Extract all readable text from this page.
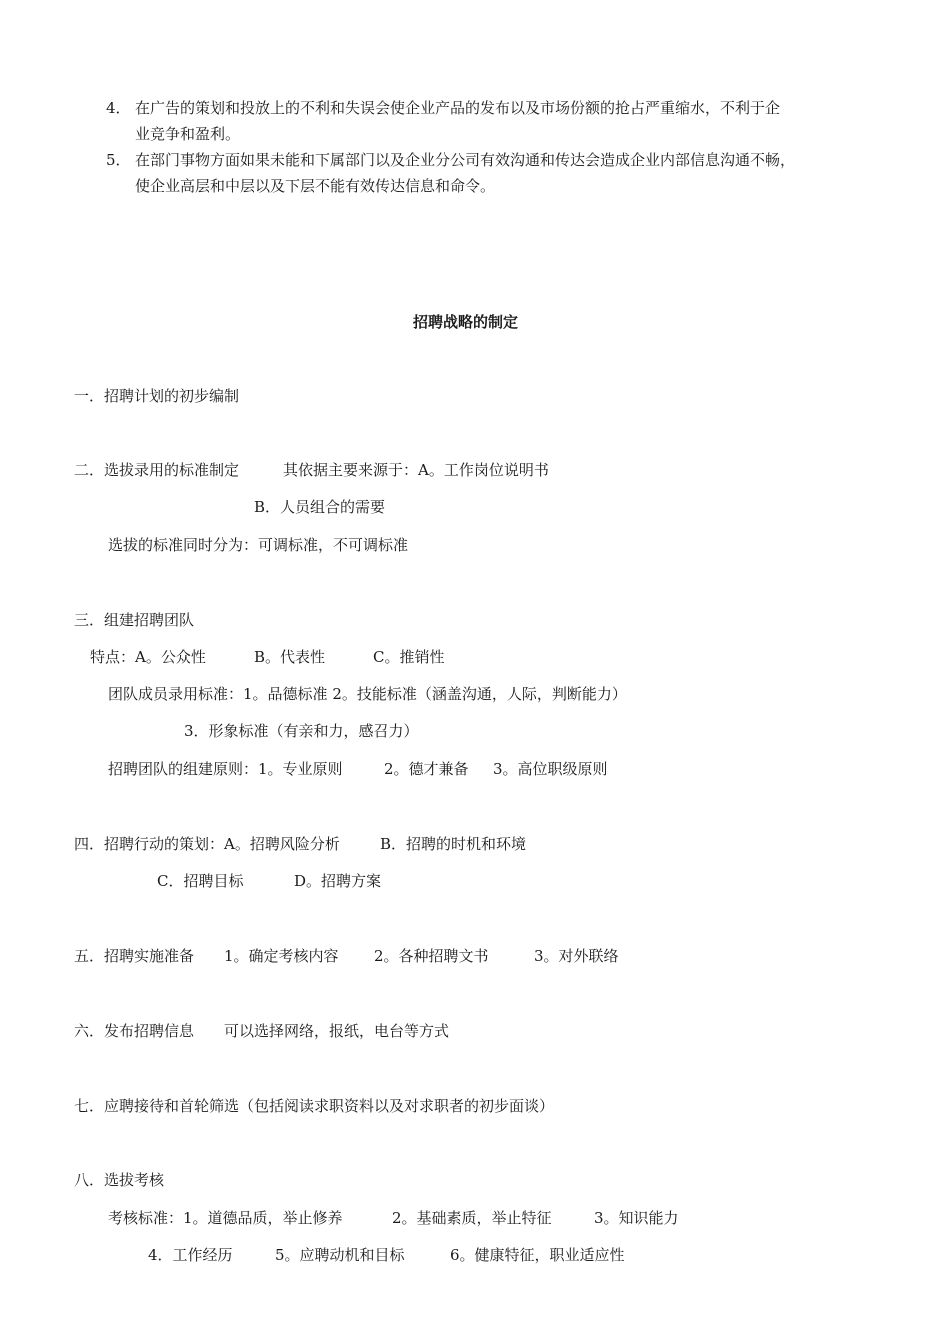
4． 在广告的策划和投放上的不利和失误会使企业产品的发布以及市场份额的抢占严重缩水，不利于企
业竞争和盈利。
5． 在部门事物方面如果未能和下属部门以及企业分公司有效沟通和传达会造成企业内部信息沟通不畅，
使企业高层和中层以及下层不能有效传达信息和命令。
招聘战略的制定
一．招聘计划的初步编制
二．选拔录用的标准制定	其依据主要来源于：A。工作岗位说明书
B．人员组合的需要
选拔的标准同时分为：可调标准，不可调标准
三．组建招聘团队
特点：A。公众性	B。代表性	C。推销性
团队成员录用标准：1。品德标准 2。技能标准（涵盖沟通，人际，判断能力）
3．形象标准（有亲和力，感召力）
招聘团队的组建原则：1。专业原则	2。德才兼备 3。高位职级原则
四．招聘行动的策划：A。招聘风险分析	B．招聘的时机和环境
C．招聘目标	D。招聘方案
五．招聘实施准备 1。确定考核内容 2。各种招聘文书	3。对外联络
六．发布招聘信息 可以选择网络，报纸，电台等方式
七．应聘接待和首轮筛选（包括阅读求职资料以及对求职者的初步面谈）
八．选拔考核
考核标准：1。道德品质，举止修养	2。基础素质，举止特征	3。知识能力
4．工作经历	5。应聘动机和目标	6。健康特征，职业适应性
